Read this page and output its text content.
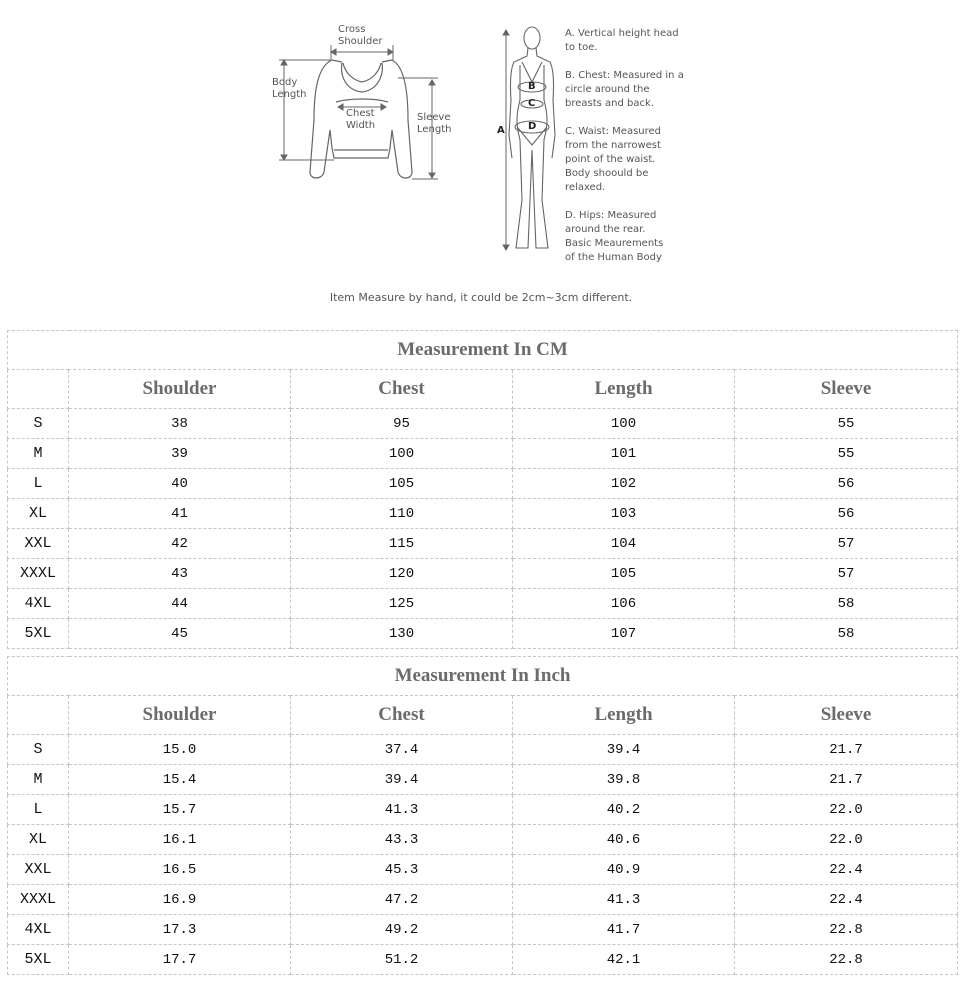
Cross
Shoulder
Body
Length
Chest
Width
Sleeve
Length
B
C
D
A
A. Vertical height head
to toe.
B. Chest: Measured in a
circle around the
breasts and back.
C. Waist: Measured
from the narrowest
point of the waist.
Body shoould be
relaxed.
D. Hips: Measured
around the rear.
Basic Meaurements
of the Human Body
Item Measure by hand, it could be 2cm~3cm different.
Measurement In CM				
	Shoulder	Chest	Length	Sleeve
S	38	95	100	55
M	39	100	101	55
L	40	105	102	56
XL	41	110	103	56
XXL	42	115	104	57
XXXL	43	120	105	57
4XL	44	125	106	58
5XL	45	130	107	58
Measurement In Inch				
	Shoulder	Chest	Length	Sleeve
S	15.0	37.4	39.4	21.7
M	15.4	39.4	39.8	21.7
L	15.7	41.3	40.2	22.0
XL	16.1	43.3	40.6	22.0
XXL	16.5	45.3	40.9	22.4
XXXL	16.9	47.2	41.3	22.4
4XL	17.3	49.2	41.7	22.8
5XL	17.7	51.2	42.1	22.8
